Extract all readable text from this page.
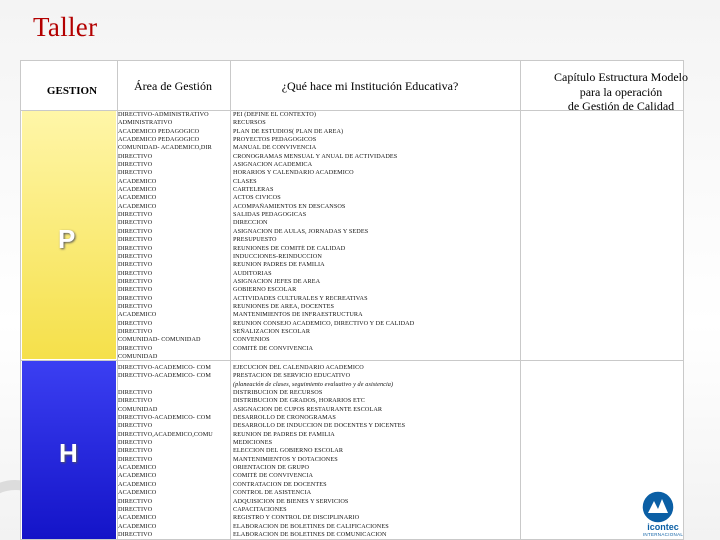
Taller
GESTION	Área de Gestión	¿Qué hace mi Institución Educativa?
Capítulo Estructura Modelo
para la operación
de Gestión de Calidad
P
H
DIRECTIVO-ADMINISTRATIVO
ADMINISTRATIVO
ACADEMICO PEDAGOGICO
ACADEMICO PEDAGOGICO
COMUNIDAD- ACADEMICO,DIR
DIRECTIVO
DIRECTIVO
DIRECTIVO
ACADEMICO
ACADEMICO
ACADEMICO
ACADEMICO
DIRECTIVO
DIRECTIVO
DIRECTIVO
DIRECTIVO
DIRECTIVO
DIRECTIVO
DIRECTIVO
DIRECTIVO
DIRECTIVO
DIRECTIVO
DIRECTIVO
DIRECTIVO
ACADEMICO
DIRECTIVO
DIRECTIVO
COMUNIDAD- COMUNIDAD
DIRECTIVO
COMUNIDAD
PEI (DEFINE EL CONTEXTO)
RECURSOS
PLAN DE ESTUDIOS( PLAN DE AREA)
PROYECTOS PEDAGOGICOS
MANUAL DE CONVIVENCIA
CRONOGRAMAS MENSUAL Y ANUAL DE ACTIVIDADES
ASIGNACION ACADEMICA
HORARIOS Y CALENDARIO ACADEMICO
CLASES
CARTELERAS
ACTOS CIVICOS
ACOMPAÑAMIENTOS EN DESCANSOS
SALIDAS PEDAGOGICAS
DIRECCION
ASIGNACION DE AULAS, JORNADAS Y SEDES
PRESUPUESTO
REUNIONES DE COMITÉ DE CALIDAD
INDUCCIONES-REINDUCCION
REUNION PADRES DE FAMILIA
AUDITORIAS
ASIGNACION JEFES DE AREA
GOBIERNO ESCOLAR
ACTIVIDADES CULTURALES Y RECREATIVAS
REUNIONES DE AREA, DOCENTES
MANTENIMIENTOS DE INFRAESTRUCTURA
REUNION CONSEJO ACADEMICO, DIRECTIVO Y DE CALIDAD
SEÑALIZACION ESCOLAR
CONVENIOS
COMITÉ DE CONVIVENCIA
DIRECTIVO-ACADEMICO- COM
DIRECTIVO-ACADEMICO- COM
DIRECTIVO
DIRECTIVO
COMUNIDAD
DIRECTIVO-ACADEMICO- COM
DIRECTIVO
DIRECTIVO,ACADEMICO,COMU
DIRECTIVO
DIRECTIVO
DIRECTIVO
ACADEMICO
ACADEMICO
ACADEMICO
ACADEMICO
DIRECTIVO
DIRECTIVO
ACADEMICO
ACADEMICO
DIRECTIVO
EJECUCION DEL CALENDARIO ACADEMICO
PRESTACION DE SERVICIO EDUCATIVO
(planeación de clases, seguimiento evaluativo y de asistencia)
DISTRIBUCION DE RECURSOS
DISTRIBUCION DE GRADOS, HORARIOS ETC
ASIGNACION DE CUPOS RESTAURANTE ESCOLAR
DESARROLLO DE CRONOGRAMAS
DESARROLLO DE INDUCCION DE DOCENTES Y DICENTES
REUNION DE PADRES DE FAMILIA
MEDICIONES
ELECCION DEL GOBIERNO ESCOLAR
MANTENIMIENTOS Y DOTACIONES
ORIENTACION DE GRUPO
COMITÉ DE CONVIVENCIA
CONTRATACION DE DOCENTES
CONTROL DE ASISTENCIA
ADQUISICION DE BIENES Y SERVICIOS
CAPACITACIONES
REGISTRO Y CONTROL DE DISCIPLINARIO
ELABORACION DE BOLETINES DE CALIFICACIONES
ELABORACION DE BOLETINES DE COMUNICACION
icontec
INTERNACIONAL
